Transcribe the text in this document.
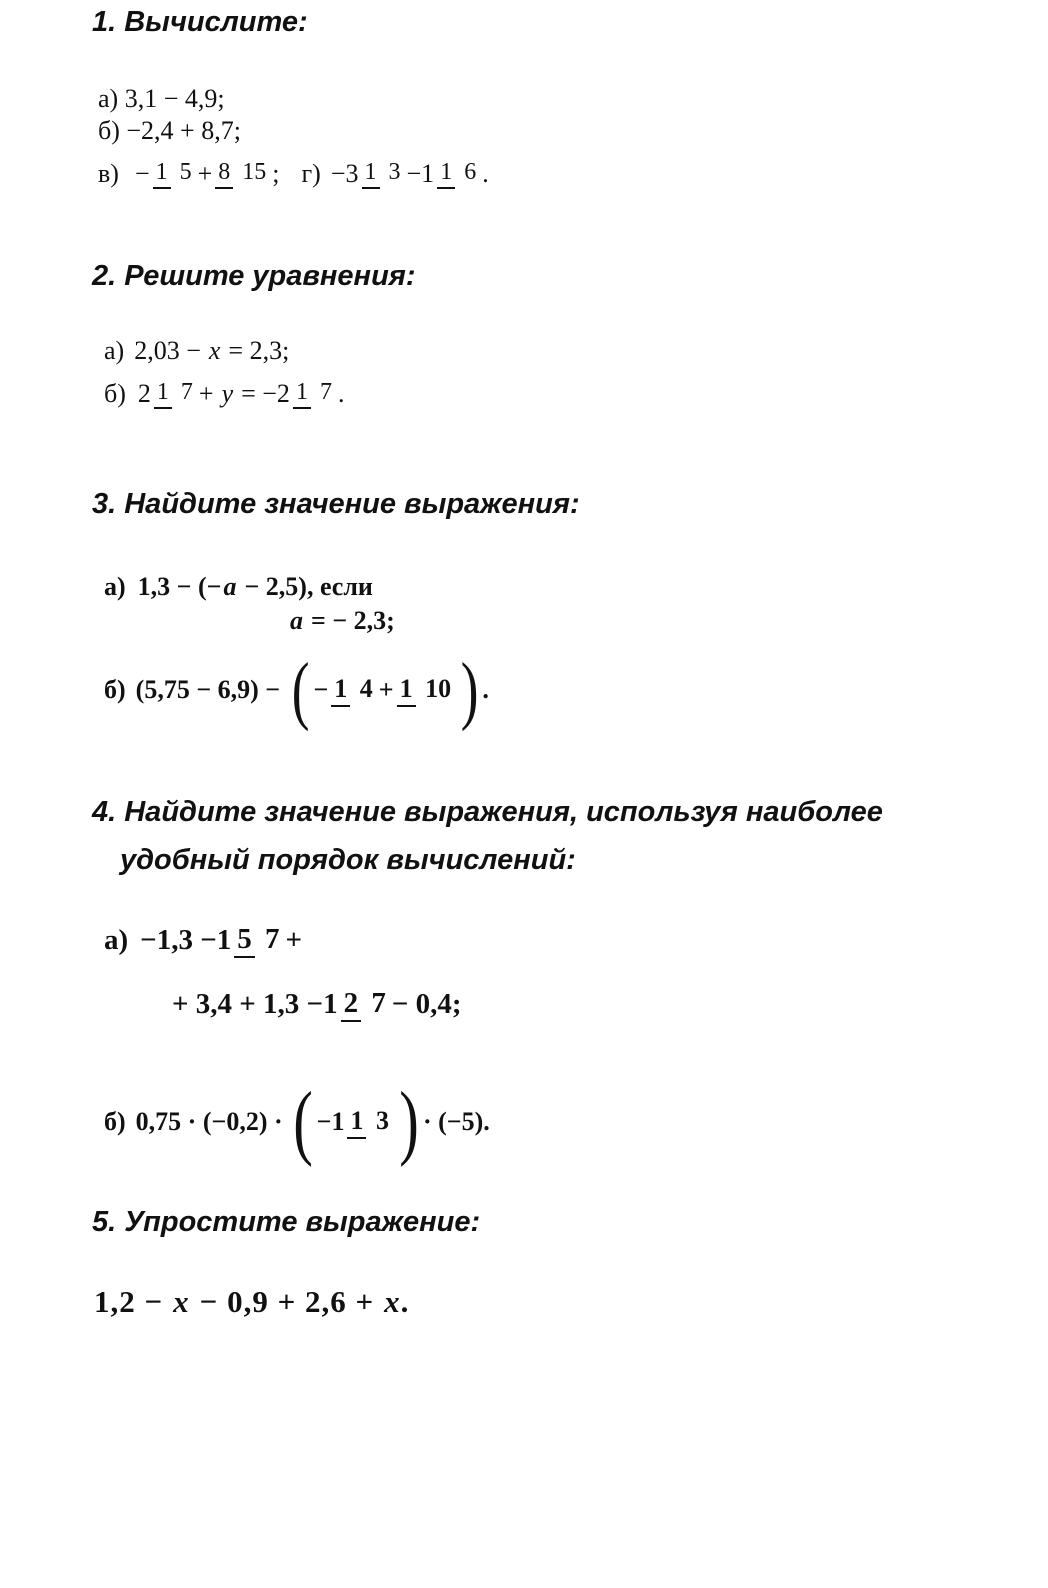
1. Вычислите:
а) 3,1 − 4,9;
б) −2,4 + 8,7;
в) − 1 5 + 8 15 ; г) −3 1 3 −1 1 6 .
2. Решите уравнения:
а) 2,03 − x = 2,3;
б) 2 1 7 + y = −2 1 7 .
3. Найдите значение выражения:
а) 1,3 − (− a − 2,5), если
a = − 2,3;
б) (5,75 − 6,9) − ( − 1 4 + 1 10 ) .
4. Найдите значение выражения, используя наиболее
удобный порядок вычислений:
а) −1,3 −1 5 7 +
+ 3,4 + 1,3 −1 2 7 − 0,4;
б) 0,75 · (−0,2) · ( −1 1 3 ) · (−5).
5. Упростите выражение:
1,2 − x − 0,9 + 2,6 + x .
